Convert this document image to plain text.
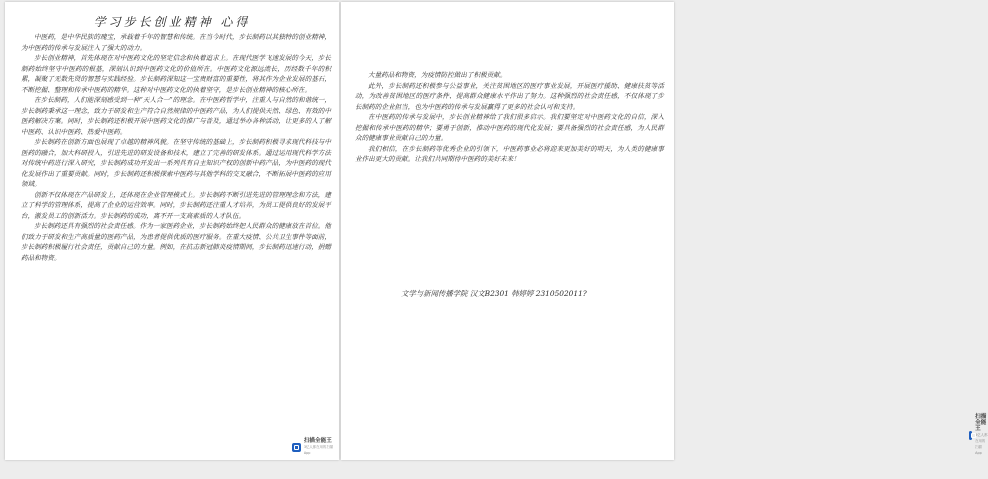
学习步长创业精神 心得

中医药，是中华民族的瑰宝，承载着千年的智慧和传统。在当今时代，步长制药以其独特的创业精神，为中医药的传承与发展注入了强大的动力。

步长创业精神，首先体现在对中医药文化的坚定信念和执着追求上。在现代医学飞速发展的今天，步长制药始终坚守中医药的根基，深刻认识到中医药文化的价值所在。中医药文化源远流长，历经数千年的积累，凝聚了无数先贤的智慧与实践经验。步长制药深知这一宝贵财富的重要性，将其作为企业发展的基石，不断挖掘、整理和传承中医药的精华。这种对中医药文化的执着坚守，是步长创业精神的核心所在。

在步长制药，人们能深刻感受到一种“天人合一”的理念。在中医药哲学中，注重人与自然的和谐统一，步长制药秉承这一理念，致力于研发和生产符合自然规律的中医药产品，为人们提供天然、绿色、有效的中医药解决方案。同时，步长制药还积极开展中医药文化的推广与普及，通过举办各种活动，让更多的人了解中医药、认识中医药、热爱中医药。

步长制药在创新方面也展现了卓越的精神风貌。在坚守传统的基础上，步长制药积极寻求现代科技与中医药的融合，加大科研投入，引进先进的研发设备和技术，建立了完善的研发体系。通过运用现代科学方法对传统中药进行深入研究，步长制药成功开发出一系列具有自主知识产权的创新中药产品，为中医药的现代化发展作出了重要贡献。同时，步长制药还积极探索中医药与其他学科的交叉融合，不断拓展中医药的应用领域。

创新不仅体现在产品研发上，还体现在企业管理模式上。步长制药不断引进先进的管理理念和方法，建立了科学的管理体系，提高了企业的运营效率。同时，步长制药还注重人才培养，为员工提供良好的发展平台，激发员工的创新活力。步长制药的成功，离不开一支高素质的人才队伍。

步长制药还具有强烈的社会责任感。作为一家医药企业，步长制药始终把人民群众的健康放在首位。他们致力于研发和生产高质量的医药产品，为患者提供优质的医疗服务。在重大疫情、公共卫生事件等面前，步长制药积极履行社会责任，贡献自己的力量。例如，在抗击新冠肺炎疫情期间，步长制药迅速行动，捐赠药品和物资。

扫描全能王
3亿人都在用的扫描App

大量药品和物资，为疫情防控做出了积极贡献。

此外，步长制药还积极参与公益事业，关注贫困地区的医疗事业发展，开展医疗援助、健康扶贫等活动，为改善贫困地区的医疗条件、提高群众健康水平作出了努力。这种强烈的社会责任感，不仅体现了步长制药的企业担当，也为中医药的传承与发展赢得了更多的社会认可和支持。

在中医药的传承与发展中，步长创业精神给了我们很多启示。我们要坚定对中医药文化的自信，深入挖掘和传承中医药的精华；要勇于创新，推动中医药的现代化发展；要具备强烈的社会责任感，为人民群众的健康事业贡献自己的力量。

我们相信，在步长制药等优秀企业的引领下，中医药事业必将迎来更加美好的明天，为人类的健康事业作出更大的贡献。让我们共同期待中医药的美好未来！

文学与新闻传播学院 汉文B2301 韩婷婷 2310502011?
扫描全能王
3亿人都在用的扫描App
